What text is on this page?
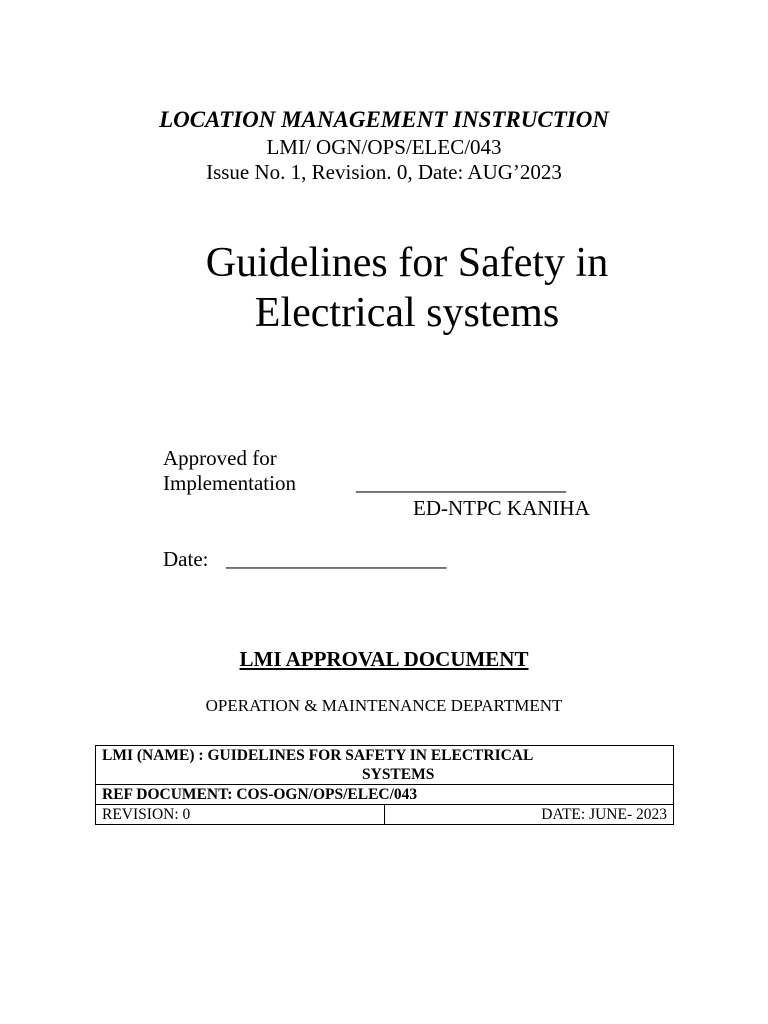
LOCATION MANAGEMENT INSTRUCTION
LMI/ OGN/OPS/ELEC/043
Issue No. 1, Revision. 0, Date: AUG’2023
Guidelines for Safety in
Electrical systems
Approved for
Implementation	____________________
ED-NTPC KANIHA
Date: _____________________
LMI APPROVAL DOCUMENT
OPERATION & MAINTENANCE DEPARTMENT
LMI (NAME) : GUIDELINES FOR SAFETY IN ELECTRICAL
SYSTEMS

REF DOCUMENT: COS-OGN/OPS/ELEC/043
REVISION: 0	DATE: JUNE- 2023
